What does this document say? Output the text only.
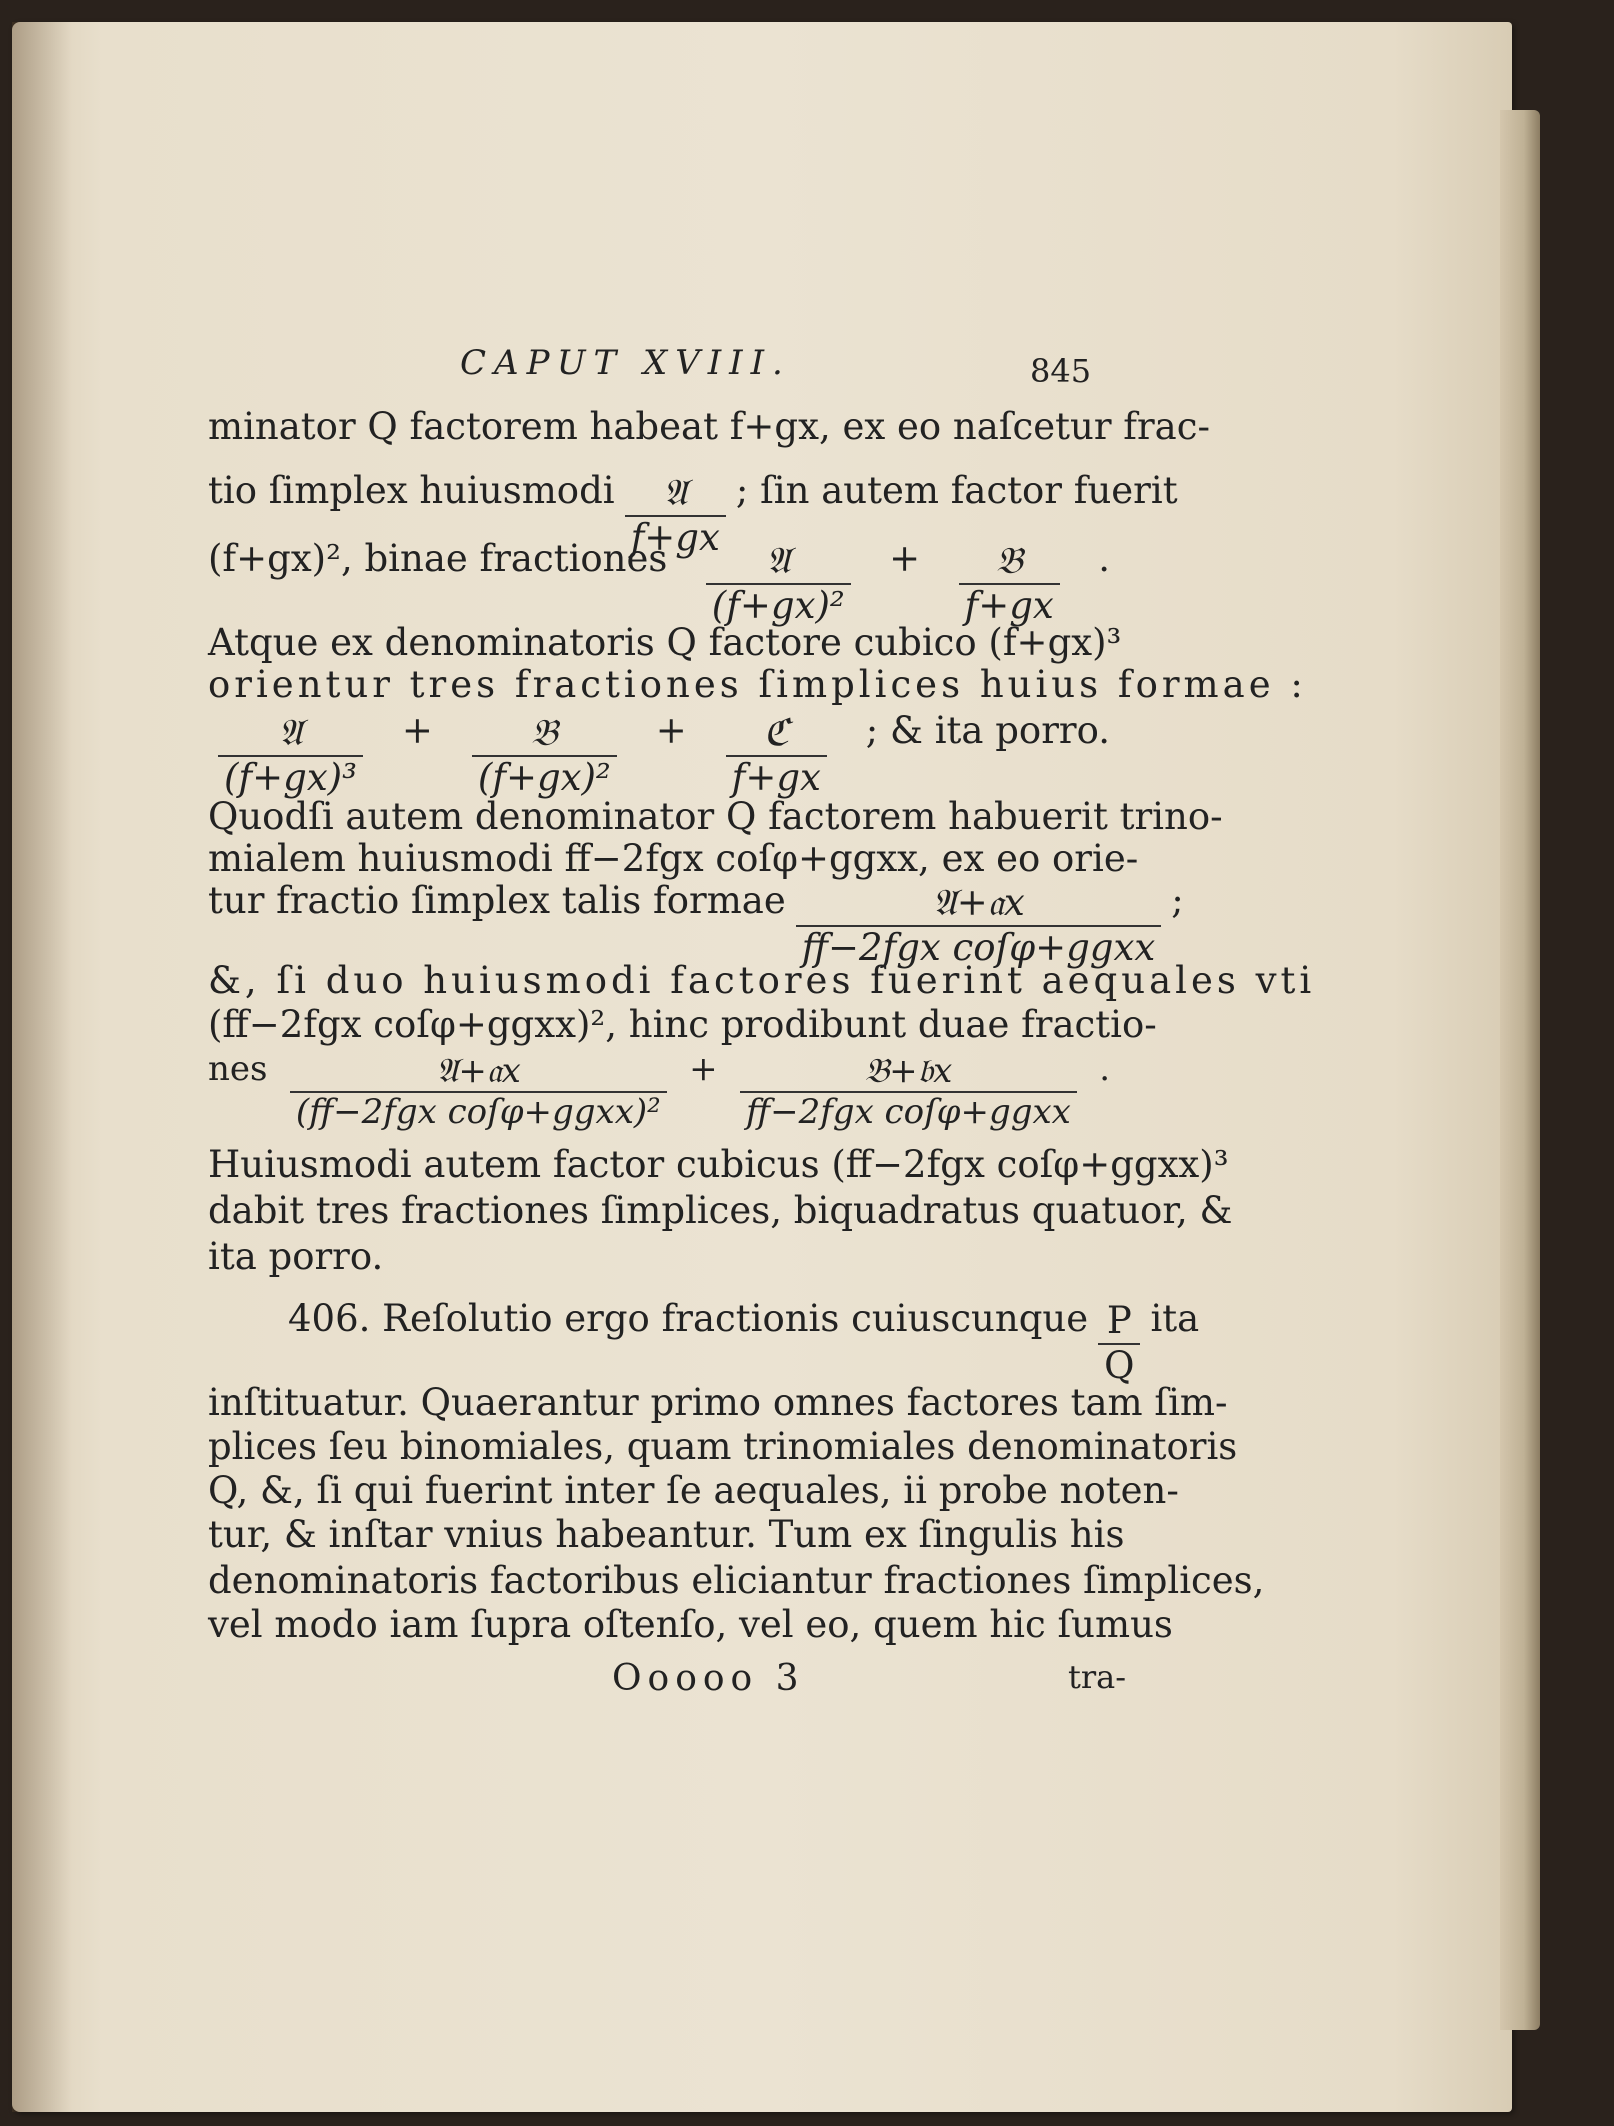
CAPUT XVIII.	845
minator Q factorem habeat f+gx, ex eo naſcetur frac-
tio ſimplex huiusmodi $\frac{\text{𝔄}}{f+gx}$ ; ſin autem factor fuerit
(f+gx)², binae fractiones $\frac{\text{𝔄}}{\text{(f+gx)²}} + \frac{\text{𝔅}}{f+gx}$ .
Atque ex denominatoris Q factore cubico (f+gx)³
orientur tres fractiones ſimplices huius formae :
$\frac{\text{𝔄}}{\text{(f+gx)³}} + \frac{\text{𝔅}}{\text{(f+gx)²}} + \frac{\text{ℭ}}{f+gx}$ ; & ita porro.
Quodſi autem denominator Q factorem habuerit trino-
mialem huiusmodi ff−2fgx coſφ+ggxx, ex eo orie-
tur fractio ſimplex talis formae $\frac{\text{𝔄+𝔞x}}{\text{ff−2fgx coſφ+ggxx}}$ ;
&, ſi duo huiusmodi factores fuerint aequales vti
(ff−2fgx coſφ+ggxx)², hinc prodibunt duae fractio-
nes $\frac{\text{𝔄+𝔞x}}{\text{(ff−2fgx coſφ+ggxx)²}} + \frac{\text{𝔅+𝔟x}}{\text{ff−2fgx coſφ+ggxx}}$ .
Huiusmodi autem factor cubicus (ff−2fgx coſφ+ggxx)³
dabit tres fractiones ſimplices, biquadratus quatuor, &
ita porro.
406. Reſolutio ergo fractionis cuiuscunque $\frac{P}{Q}$ ita
inſtituatur. Quaerantur primo omnes factores tam ſim-
plices ſeu binomiales, quam trinomiales denominatoris
Q, &, ſi qui fuerint inter ſe aequales, ii probe noten-
tur, & inſtar vnius habeantur. Tum ex ſingulis his
denominatoris factoribus eliciantur fractiones ſimplices,
vel modo iam ſupra oſtenſo, vel eo, quem hic ſumus
Ooooo 3	tra-
